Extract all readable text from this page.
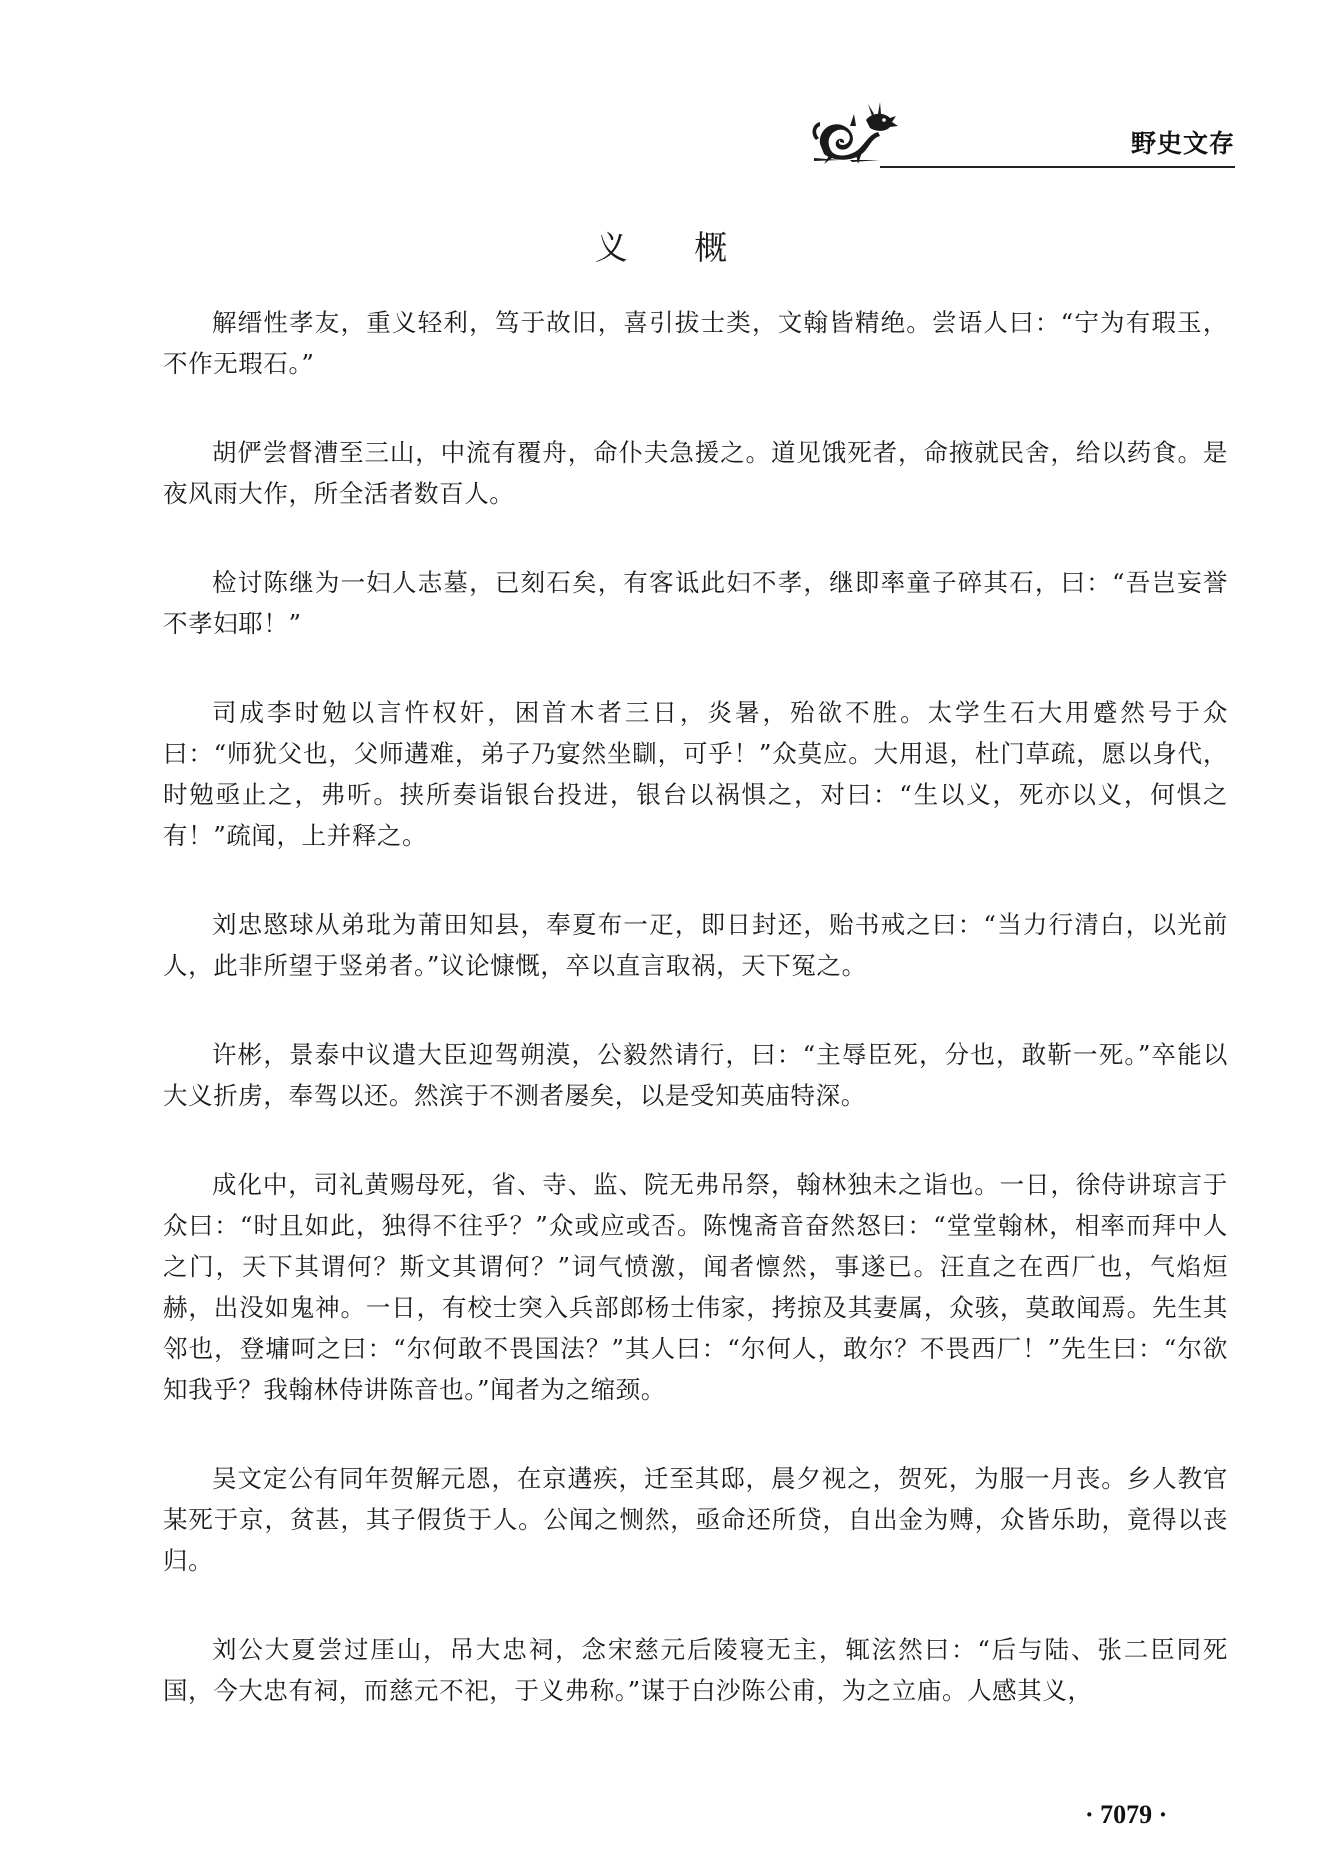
野史文存
义 概

解缙性孝友，重义轻利，笃于故旧，喜引拔士类，文翰皆精绝。尝语人曰：“宁为有瑕玉，不作无瑕石。”

胡俨尝督漕至三山，中流有覆舟，命仆夫急援之。道见饿死者，命掖就民舍，给以药食。是夜风雨大作，所全活者数百人。

检讨陈继为一妇人志墓，已刻石矣，有客诋此妇不孝，继即率童子碎其石，曰：“吾岂妄誉不孝妇耶！”

司成李时勉以言忤权奸，困首木者三日，炎暑，殆欲不胜。太学生石大用蹙然号于众曰：“师犹父也，父师遘难，弟子乃宴然坐瞓，可乎！”众莫应。大用退，杜门草疏，愿以身代，时勉亟止之，弗听。挟所奏诣银台投进，银台以祸惧之，对曰：“生以义，死亦以义，何惧之有！”疏闻，上并释之。

刘忠愍球从弟玭为莆田知县，奉夏布一疋，即日封还，贻书戒之曰：“当力行清白，以光前人，此非所望于竖弟者。”议论慷慨，卒以直言取祸，天下冤之。

许彬，景泰中议遣大臣迎驾朔漠，公毅然请行，曰：“主辱臣死，分也，敢靳一死。”卒能以大义折虏，奉驾以还。然滨于不测者屡矣，以是受知英庙特深。

成化中，司礼黄赐母死，省、寺、监、院无弗吊祭，翰林独未之诣也。一日，徐侍讲琼言于众曰：“时且如此，独得不往乎？”众或应或否。陈愧斋音奋然怒曰：“堂堂翰林，相率而拜中人之门，天下其谓何？斯文其谓何？”词气愤激，闻者懔然，事遂已。汪直之在西厂也，气焰烜赫，出没如鬼神。一日，有校士突入兵部郎杨士伟家，拷掠及其妻属，众骇，莫敢闻焉。先生其邻也，登墉呵之曰：“尔何敢不畏国法？”其人曰：“尔何人，敢尔？不畏西厂！”先生曰：“尔欲知我乎？我翰林侍讲陈音也。”闻者为之缩颈。

吴文定公有同年贺解元恩，在京遘疾，迁至其邸，晨夕视之，贺死，为服一月丧。乡人教官某死于京，贫甚，其子假货于人。公闻之恻然，亟命还所贷，自出金为赙，众皆乐助，竟得以丧归。

刘公大夏尝过厓山，吊大忠祠，念宋慈元后陵寝无主，辄泫然曰：“后与陆、张二臣同死国，今大忠有祠，而慈元不祀，于义弗称。”谋于白沙陈公甫，为之立庙。人感其义，

· 7079 ·
